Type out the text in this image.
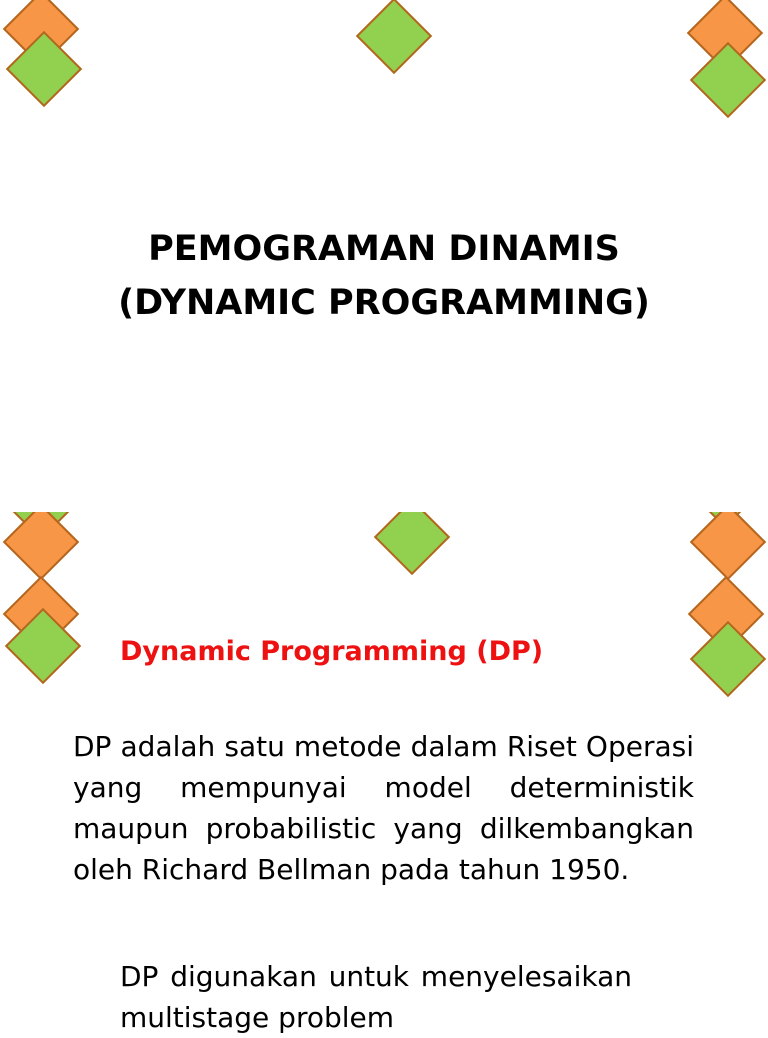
PEMOGRAMAN DINAMIS
(DYNAMIC PROGRAMMING)
Dynamic Programming (DP)
DP adalah satu metode dalam Riset Operasi yang mempunyai model deterministik maupun probabilistic yang dilkembangkan oleh Richard Bellman pada tahun 1950.
DP digunakan untuk menyelesaikan multistage problem
